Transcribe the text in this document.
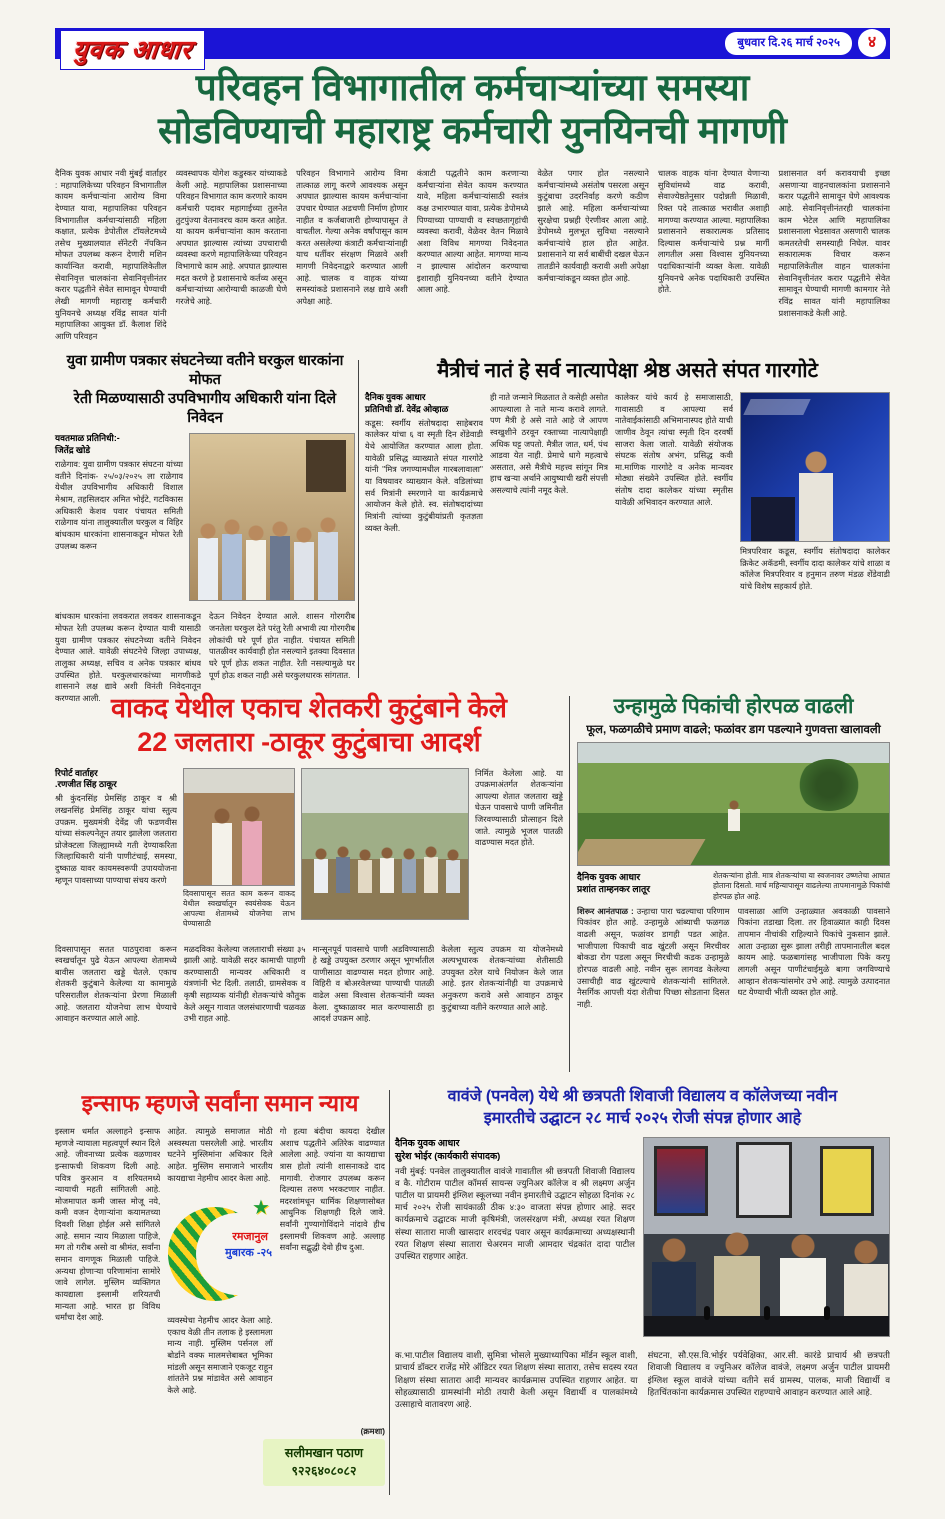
युवक आधार	बुधवार दि.२६ मार्च २०२५	४
परिवहन विभागातील कर्मचाऱ्यांच्या समस्या
सोडविण्याची महाराष्ट्र कर्मचारी युनयिनची मागणी
दैनिक युवक आधार नवी मुंबई वार्ताहर : महापालिकेच्या परिवहन विभागातील कायम कर्मचाऱ्यांना आरोग्य विमा देण्यात यावा, महापालिका परिवहन विभागातील कर्मचाऱ्यांसाठी महिला कक्षात, प्रत्येक डेपोतील टॉयलेटमध्ये तसेच मुख्यालयात सॅनेटरी नॅपकिन मोफत उपलब्ध करून देणारी मशिन कार्यान्वित करावी, महापालिकेतील सेवानिवृत्त चालकांना सेवानिवृत्तीनंतर करार पद्धतीने सेवेत सामावून घेण्याची लेखी मागणी महाराष्ट्र कर्मचारी युनियनचे अध्यक्ष रविंद्र सावत यांनी महापालिका आयुक्त डॉ. कैलाश शिंदे आणि परिवहन
व्यवस्थापक योगेश कडुस्कर यांच्याकडे केली आहे. महापालिका प्रशासनाच्या परिवहन विभागात काम करणारे कायम कर्मचारी पदावर महागाईच्या तुलनेत तुटपुंज्या वेतनावरच काम करत आहेत. या कायम कर्मचाऱ्यांना काम करताना अपघात झाल्यास त्यांच्या उपचाराची व्यवस्था करणे महापालिकेच्या परिवहन विभागाचे काम आहे. अपघात झाल्यास मदत करणे हे प्रशासनाचे कर्तव्य असून कर्मचाऱ्यांच्या आरोग्याची काळजी घेणे गरजेचे आहे.
परिवहन विभागाने आरोग्य विमा तात्काळ लागू करणे आवश्यक असून अपघात झाल्यास कायम कर्मचाऱ्यांना उपचार घेण्यात अडचणी निर्माण होणार नाहीत व कर्जबाजारी होण्यापासून ते वाचतील. गेल्या अनेक वर्षांपासून काम करत असलेल्या कंत्राटी कर्मचाऱ्यांनाही याच धर्तीवर संरक्षण मिळावे अशी मागणी निवेदनाद्वारे करण्यात आली आहे. चालक व वाहक यांच्या समस्यांकडे प्रशासनाने लक्ष द्यावे अशी अपेक्षा आहे.
कंत्राटी पद्धतीने काम करणाऱ्या कर्मचाऱ्यांना सेवेत कायम करण्यात यावे, महिला कर्मचाऱ्यांसाठी स्वतंत्र कक्ष उभारण्यात यावा, प्रत्येक डेपोमध्ये पिण्याच्या पाण्याची व स्वच्छतागृहांची व्यवस्था करावी, वेळेवर वेतन मिळावे अशा विविध मागण्या निवेदनात करण्यात आल्या आहेत. मागण्या मान्य न झाल्यास आंदोलन करण्याचा इशाराही युनियनच्या वतीने देण्यात आला आहे.
वेळेत पगार होत नसल्याने कर्मचाऱ्यांमध्ये असंतोष पसरला असून कुटुंबाचा उदरनिर्वाह करणे कठीण झाले आहे. महिला कर्मचाऱ्यांच्या सुरक्षेचा प्रश्नही ऐरणीवर आला आहे. डेपोमध्ये मुलभूत सुविधा नसल्याने कर्मचाऱ्यांचे हाल होत आहेत. प्रशासनाने या सर्व बाबींची दखल घेऊन तातडीने कार्यवाही करावी अशी अपेक्षा कर्मचाऱ्यांकडून व्यक्त होत आहे.
चालक वाहक यांना देण्यात येणाऱ्या सुविधांमध्ये वाढ करावी, सेवाज्येष्ठतेनुसार पदोन्नती मिळावी, रिक्त पदे तात्काळ भरावीत अशाही मागण्या करण्यात आल्या. महापालिका प्रशासनाने सकारात्मक प्रतिसाद दिल्यास कर्मचाऱ्यांचे प्रश्न मार्गी लागतील असा विश्वास युनियनच्या पदाधिकाऱ्यांनी व्यक्त केला. यावेळी युनियनचे अनेक पदाधिकारी उपस्थित होते.
प्रशासनात वर्ग करावयाची इच्छा असणाऱ्या वाहनचालकांना प्रशासनाने करार पद्धतीने सामावून घेणे आवश्यक आहे. सेवानिवृत्तीनंतरही चालकांना काम भेटेल आणि महापालिका प्रशासनाला भेडसावत असणारी चालक कमतरतेची समस्याही निघेल. यावर सकारात्मक विचार करून महापालिकेतील वाहन चालकांना सेवानिवृत्तीनंतर करार पद्धतीने सेवेत सामावून घेण्याची मागणी कामगार नेते रविंद्र सावत यांनी महापालिका प्रशासनाकडे केली आहे.
युवा ग्रामीण पत्रकार संघटनेच्या वतीने घरकुल धारकांना मोफत
रेती मिळण्यासाठी उपविभागीय अधिकारी यांना दिले निवेदन
यवतमाळ प्रतिनिधी:-
जितेंद्र खोडे
राळेगाव: युवा ग्रामीण पत्रकार संघटना यांच्या वतीने दिनांक- २५/०३/२०२५ ला राळेगाव येथील उपविभागीय अधिकारी विशाल मेश्राम, तहसिलदार अमित भोईटे, गटविकास अधिकारी केशव पवार पंचायत समिती राळेगाव यांना तालुक्यातील घरकुल व विहिर बांधकाम धारकांना शासनाकडून मोफत रेती उपलब्ध करून
बांधकाम धारकांना लवकरात लवकर शासनाकडून मोफत रेती उपलब्ध करून देण्यात यावी यासाठी युवा ग्रामीण पत्रकार संघटनेच्या वतीने निवेदन देण्यात आले. यावेळी संघटनेचे जिल्हा उपाध्यक्ष, तालुका अध्यक्ष, सचिव व अनेक पत्रकार बांधव उपस्थित होते. घरकुलधारकांच्या मागणीकडे शासनाने लक्ष द्यावे अशी विनंती निवेदनातून करण्यात आली.
देऊन निवेदन देण्यात आले. शासन गोरगरीब जनतेला घरकुल देते परंतु रेती अभावी त्या गोरगरीब लोकांची घरे पूर्ण होत नाहीत. पंचायत समिती पातळीवर कार्यवाही होत नसल्याने इतक्या दिवसात घरे पूर्ण होऊ शकत नाहीत. रेती नसल्यामुळे घर पूर्ण होऊ शकत नाही असे घरकुलधारक सांगतात.
मैत्रीचं नातं हे सर्व नात्यापेक्षा श्रेष्ठ असते संपत गारगोटे
दैनिक युवक आधार
प्रतिनिधी डॉ. देवेंद्र ओव्हाळ
कडूस: स्वर्गीय संतोषदादा साहेबराव कालेकर यांचा ६ वा स्मृती दिन शेंडेवाडी येथे आयोजित करण्यात आला होता. यावेळी प्रसिद्ध व्याख्याते संपत गारगोटे यांनी ''मित्र जगण्यामधील गारबलावाला'' या विषयावर व्याख्यान केले. वडिलांच्या सर्व मित्रांनी स्मरणाने या कार्यक्रमाचे आयोजन केले होते. स्व. संतोषदादांच्या मित्रांनी त्यांच्या कुटुंबीयांप्रती कृतज्ञता व्यक्त केली.
ही नाते जन्माने मिळतात ते कसेही असोत आपल्याला ते नाते मान्य करावे लागते. पण मैत्री हे असे नाते आहे जे आपण स्वखुशीने ठरवून रक्ताच्या नात्यापेक्षाही अधिक घट्ट जपतो. मैत्रीत जात, धर्म, पंथ आडवा येत नाही. प्रेमाचे धागे महत्वाचे असतात, असे मैत्रीचे महत्त्व सांगून मित्र हाच खऱ्या अर्थाने आयुष्याची खरी संपत्ती असल्याचे त्यांनी नमूद केले.
कालेकर यांचे कार्य हे समाजासाठी, गावासाठी व आपल्या सर्व नातेवाईकांसाठी अभिमानास्पद होते याची जाणीव ठेवून त्यांचा स्मृती दिन दरवर्षी साजरा केला जातो. यावेळी संयोजक संघटक संतोष अभंग, प्रसिद्ध कवी मा.माणिक गारगोटे व अनेक मान्यवर मोठ्या संख्येने उपस्थित होते. स्वर्गीय संतोष दादा कालेकर यांच्या स्मृतीस यावेळी अभिवादन करण्यात आले.
मित्रपरिवार कडूस, स्वर्गीय संतोषदादा कालेकर क्रिकेट अकॅडमी, स्वर्गीय दादा कालेकर यांचे शाळा व कॉलेज मित्रपरिवार व हनुमान तरुण मंडळ शेंडेवाडी यांचे विशेष सहकार्य होते.
वाकद येथील एकाच शेतकरी कुटुंबाने केले
22 जलतारा -ठाकूर कुटुंबाचा आदर्श
रिपोर्ट वार्ताहर
.रणजीत सिंह ठाकूर
श्री कुंदनसिंह प्रेमसिंह ठाकूर व श्री लखनसिंह प्रेमसिंह ठाकूर यांचा स्तुत्य उपक्रम. मुख्यमंत्री देवेंद्र जी फडणवीस यांच्या संकल्पनेतून तयार झालेला जलतारा प्रोजेक्टला जिल्ह्यामध्ये गती देण्याकरिता जिल्हाधिकारी यांनी पाणीटंचाई, समस्या, दुष्काळ यावर कायमस्वरूपी उपाययोजना म्हणून पावसाच्या पाण्याचा संचय करणे
दिवसापासून सतत काम करून वाकद येथील स्वखर्चातून स्वयंसेवक येऊन आपल्या शेतामध्ये योजनेचा लाभ घेण्यासाठी
निर्मित केलेला आहे. या उपक्रमाअंतर्गत शेतकऱ्यांना आपल्या शेतात जलतारा खड्डे घेऊन पावसाचे पाणी जमिनीत जिरवण्यासाठी प्रोत्साहन दिले जाते. त्यामुळे भूजल पातळी वाढण्यास मदत होते.
दिवसापासून सतत पाठपुरावा करून स्वखर्चातून पुढे येऊन आपल्या शेतामध्ये बावीस जलतारा खड्डे घेतले. एकाच शेतकरी कुटुंबाने केलेल्या या कामामुळे परिसरातील शेतकऱ्यांना प्रेरणा मिळाली आहे. जलतारा योजनेचा लाभ घेण्याचे आवाहन करण्यात आले आहे.
मळदविका केलेल्या जलताराची संख्या ३५ झाली आहे. यावेळी सदर कामाची पाहणी करण्यासाठी मान्यवर अधिकारी व यंत्रणांनी भेट दिली. तलाठी, ग्रामसेवक व कृषी सहाय्यक यांनीही शेतकऱ्यांचे कौतुक केले असून गावात जलसंधारणाची चळवळ उभी राहत आहे.
मान्सूनपूर्व पावसाचे पाणी अडविण्यासाठी हे खड्डे उपयुक्त ठरणार असून भूगर्भातील पाणीसाठा वाढण्यास मदत होणार आहे. विहिरी व बोअरवेलच्या पाण्याची पातळी वाढेल असा विश्वास शेतकऱ्यांनी व्यक्त केला. दुष्काळावर मात करण्यासाठी हा आदर्श उपक्रम आहे.
केलेला स्तुत्य उपक्रम या योजनेमध्ये अल्पभूधारक शेतकऱ्यांच्या शेतीसाठी उपयुक्त ठरेल याचे नियोजन केले जात आहे. इतर शेतकऱ्यांनीही या उपक्रमाचे अनुकरण करावे असे आवाहन ठाकूर कुटुंबाच्या वतीने करण्यात आले आहे.
उन्हामुळे पिकांची होरपळ वाढली
फूल, फळगळीचे प्रमाण वाढले; फळांवर डाग पडल्याने गुणवत्ता खालावली
दैनिक युवक आधार
प्रशांत ताम्हनकर लातूर
शेतकऱ्यांना होती. मात्र शेतकऱ्यांचा या स्वजनावर उष्णतेचा आघात होताना दिसतो. मार्च महिन्यापासून वाढलेल्या तापमानामुळे पिकांची होरपळ होत आहे.
शिरूर आनंतपाळ : उन्हाचा पारा चढल्याचा परिणाम पिकांवर होत आहे. उन्हामुळे आंब्याची फळगळ वाढली असून, फळांवर डागही पडत आहेत. भाजीपाला पिकाची वाढ खुंटली असून मिरचीवर बोकडा रोग पडला असून मिरचीची कडक उन्हामुळे होरपळ वाढली आहे. नवीन सुरू लागवड केलेल्या उसाचीही वाढ खुंटल्याचे शेतकऱ्यांनी सांगितले. नैसर्गिक आपत्ती यंदा शेतीचा पिच्छा सोडताना दिसत नाही.
पावसाळा आणि उन्हाळ्यात अवकाळी पावसाने पिकांना तडाखा दिला. तर हिवाळ्यात काही दिवस तापमान नीचांकी राहिल्याने पिकांचे नुकसान झाले. आता उन्हाळा सुरू झाला तरीही तापमानातील बदल कायम आहे. फळबागांसह भाजीपाला पिके करपू लागली असून पाणीटंचाईमुळे बागा जगविण्याचे आव्हान शेतकऱ्यांसमोर उभे आहे. त्यामुळे उत्पादनात घट येण्याची भीती व्यक्त होत आहे.
इन्साफ म्हणजे सर्वांना समान न्याय
इस्लाम धर्मात अल्लाहने इन्साफ म्हणजे न्यायाला महत्वपूर्ण स्थान दिले आहे. जीवनाच्या प्रत्येक वळणावर इन्साफची शिकवण दिली आहे. पवित्र कुरआन व शरियतमध्ये न्यायाची महती सांगितली आहे. मोजमापात कमी जास्त मोजू नये, कमी वजन देणाऱ्यांना कयामतच्या दिवशी शिक्षा होईल असे सांगितले आहे. समान न्याय मिळाला पाहिजे, मग तो गरीब असो वा श्रीमंत, सर्वांना समान वागणूक मिळाली पाहिजे. अन्यथा होणाऱ्या परिणामांना सामोरे जावे लागेल. मुस्लिम व्यक्तिगत कायद्याला इस्लामी शरियतची मान्यता आहे. भारत हा विविध धर्मांचा देश आहे.
आहेत. त्यामुळे समाजात मोठी अस्वस्थता पसरलेली आहे. भारतीय घटनेने मुस्लिमांना अधिकार दिले आहेत. मुस्लिम समाजाने भारतीय कायद्याचा नेहमीच आदर केला आहे.
★
रमजानुल
मुबारक -२५
व्यवस्थेचा नेहमीच आदर केला आहे. एकाच वेळी तीन तलाक हे इस्लामला मान्य नाही. मुस्लिम पर्सनल लॉ बोर्डाने वक्फ मालमत्तेबाबत भूमिका मांडली असून समाजाने एकजूट राहून शांततेने प्रश्न मांडावेत असे आवाहन केले आहे.
गो हत्या बंदीचा कायदा देखील अशाच पद्धतीने अतिरेक वाढण्यात आलेला आहे. ज्यांना या कायद्याचा त्रास होतो त्यांनी शासनाकडे दाद मागावी. रोजगार उपलब्ध करून दिल्यास तरुण भरकटणार नाहीत. मदरशांमधून धार्मिक शिक्षणासोबत आधुनिक शिक्षणही दिले जावे. सर्वांनी गुण्यागोविंदाने नांदावे हीच इस्लामची शिकवण आहे. अल्लाह सर्वांना सद्बुद्धी देवो हीच दुआ.
(क्रमशा)
सलीमखान पठाण
९२२६४०८०८२
वावंजे (पनवेल) येथे श्री छत्रपती शिवाजी विद्यालय व कॉलेजच्या नवीन
इमारतीचे उद्घाटन २८ मार्च २०२५ रोजी संपन्न होणार आहे
दैनिक युवक आधार
सुरेश भोईर (कार्यकारी संपादक)
नवी मुंबई: पनवेल तालुक्यातील वावंजे गावातील श्री छत्रपती शिवाजी विद्यालय व कै. गोटीराम पाटील कॉमर्स सायन्स ज्युनिअर कॉलेज व श्री लक्ष्मण अर्जुन पाटील या प्रायमरी इंग्लिश स्कूलच्या नवीन इमारतीचे उद्घाटन सोहळा दिनांक २८ मार्च २०२५ रोजी सायंकाळी ठीक ४:३० वाजता संपन्न होणार आहे. सदर कार्यक्रमाचे उद्घाटक माजी कृषिमंत्री, जलसंरक्षण मंत्री, अध्यक्ष रयत शिक्षण संस्था सातारा माजी खासदार शरदचंद्र पवार असून कार्यक्रमाच्या अध्यक्षस्थानी रयत शिक्षण संस्था सातारा चेअरमन माजी आमदार चंद्रकांत दादा पाटील उपस्थित राहणार आहेत.
क.भा.पाटील विद्यालय वाशी, सुमित्रा भोसले मुख्याध्यापिका मॉर्डन स्कूल वाशी, प्राचार्य डॉक्टर राजेंद्र मोरे ऑडिटर रयत शिक्षण संस्था सातारा, तसेच सदस्य रयत शिक्षण संस्था सातारा आदी मान्यवर कार्यक्रमास उपस्थित राहणार आहेत. या सोहळ्यासाठी ग्रामस्थांनी मोठी तयारी केली असून विद्यार्थी व पालकांमध्ये उत्साहाचे वातावरण आहे.
संघटना, सौ.एस.वि.भोईर पर्यवेक्षिका, आर.सी. कारंडे प्राचार्य श्री छत्रपती शिवाजी विद्यालय व ज्युनिअर कॉलेज वावंजे, लक्ष्मण अर्जुन पाटील प्रायमरी इंग्लिश स्कूल वावंजे यांच्या वतीने सर्व ग्रामस्थ, पालक, माजी विद्यार्थी व हितचिंतकांना कार्यक्रमास उपस्थित राहण्याचे आवाहन करण्यात आले आहे.
